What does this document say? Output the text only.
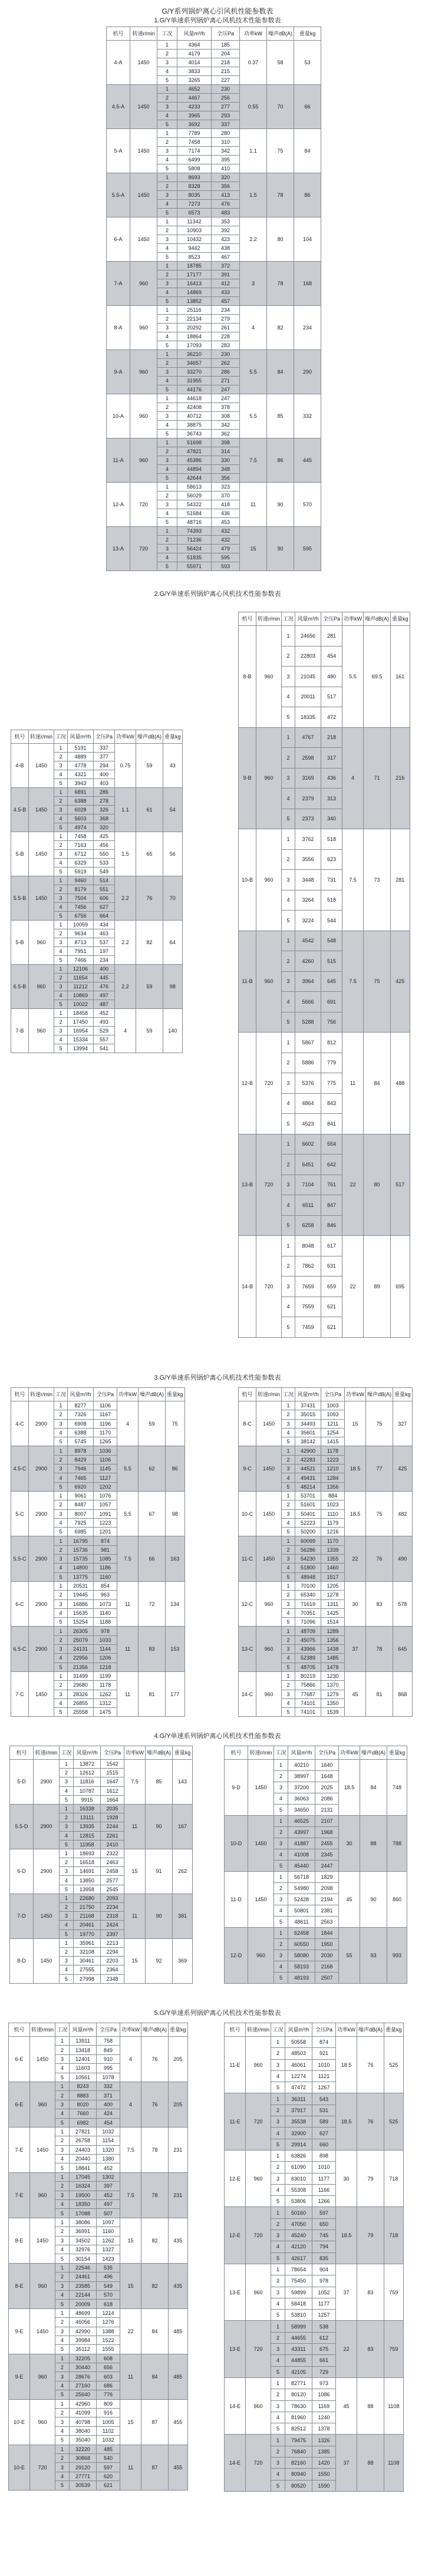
G/Y系列锅炉离心引风机性能参数表
1.G/Y单速系列锅炉离心风机技术性能参数表
机号	转速r/min	工况	风量m³/h	全压Pa	功率kW	噪声dB(A)	重量kg
4-A	1450	1	4364	185	0.37	58	53
		2	4179	204			
		3	4014	218			
		4	3833	215			
		5	3265	227			
4.5-A	1450	1	4652	230	0.55	70	66
		2	4467	256			
		3	4233	277			
		4	3965	293			
		5	3692	337			
5-A	1450	1	7789	280	1.1	75	84
		2	7458	310			
		3	7174	342			
		4	6499	395			
		5	5808	410			
5.5-A	1450	1	8693	320	1.5	78	86
		2	8328	356			
		3	8035	413			
		4	7273	476			
		5	6573	483			
6-A	1450	1	11342	353	2.2	80	104
		2	10903	392			
		3	10432	423			
		4	9442	438			
		5	8523	467			
7-A	960	1	18785	372	3	78	168
		2	17177	391			
		3	16413	412			
		4	14869	433			
		5	13852	457			
8-A	960	1	25116	234	4	82	234
		2	22134	279			
		3	20292	261			
		4	18864	228			
		5	17093	283			
9-A	960	1	36210	230	5.5	84	290
		2	34657	262			
		3	33270	286			
		4	31955	271			
		5	44176	247			
10-A	960	1	44618	247	5.5	85	332
		2	42408	378			
		3	40712	308			
		4	38875	342			
		5	36743	362			
11-A	960	1	51698	398	7.5	86	445
		2	47821	314			
		3	45386	330			
		4	44894	348			
		5	42644	356			
12-A	720	1	58613	323	11	90	570
		2	56029	370			
		3	54322	418			
		4	51684	436			
		5	48716	453			
13-A	720	1	74393	432	15	90	595
		2	71236	432			
		3	56424	479			
		4	51835	595			
		5	55971	593			
2.G/Y单速系列锅炉离心风机技术性能参数表
机号	转速r/min	工况	风量m³/h	全压Pa	功率kW	噪声dB(A)	重量kg
4-B	1450	1	5191	337	0.75	59	43
		2	4889	377			
		3	4778	294			
		4	4321	400			
		5	3943	403			
4.5-B	1450	1	6891	286	1.1	61	54
		2	6388	278			
		3	6028	326			
		4	5603	368			
		5	4974	320			
5-B	1450	1	7458	425	1.5	65	56
		2	7163	456			
		3	6712	550			
		4	6329	533			
		5	5919	549			
5.5-B	1450	1	9460	514	2.2	76	70
		2	8179	551			
		3	7504	606			
		4	7456	627			
		5	6756	664			
5-B	960	1	10059	434	2.2	82	64
		2	9634	463			
		3	8713	537			
		4	7951	197			
		5	7466	234			
6.5-B	960	1	12106	400	2.2	59	98
		2	11654	445			
		3	11212	476			
		4	10869	497			
		5	10022	487			
7-B	960	1	18458	452	4	59	140
		2	17450	493			
		3	16954	529			
		4	15334	557			
		5	13994	541			
机号	转速r/min	工况	风量m³/h	全压Pa	功率kW	噪声dB(A)	重量kg
8-B	960	1	24656	281	5.5	69.5	161
		2	22803	454			
		3	21045	480			
		4	20011	517			
		5	18335	472			
9-B	960	1	4767	218	4	71	216
		2	2598	317			
		3	3169	436			
		4	2379	313			
		5	2373	340			
10-B	960	1	3762	518	7.5	73	281
		2	3556	623			
		3	3448	731			
		4	3264	518			
		5	3224	544			
11-B	960	1	4542	548	7.5	75	425
		2	4260	515			
		3	3964	645			
		4	5666	691			
		5	5288	756			
12-B	720	1	5867	812	11	84	488
		2	5886	779			
		3	5376	775			
		4	4864	843			
		5	4523	841			
13-B	720	1	6602	554	22	80	517
		2	6451	642			
		3	7104	761			
		4	6511	847			
		5	6258	846			
14-B	720	1	8048	617	22	89	695
		2	7862	631			
		3	7659	659			
		4	7559	621			
		5	7459	621			
3.G/Y单速系列锅炉离心风机技术性能参数表
机号	转速r/min	工况	风量m³/h	全压Pa	功率kW	噪声dB(A)	重量kg
4-C	2900	1	8277	1106	4	59	75
		2	7326	1167			
		3	6908	1196			
		4	6388	1170			
		5	5745	1265			
4.5-C	2900	1	8978	1036	5.5	62	86
		2	8429	1106			
		3	7946	1145			
		4	7465	1127			
		5	6920	1202			
5-C	2900	1	9061	1076	5.5	67	98
		2	8487	1057			
		3	8007	1091			
		4	7925	1223			
		5	6985	1201			
5.5-C	2900	1	16795	874	7.5	66	163
		2	15736	981			
		3	15735	1085			
		4	14800	1186			
		5	13775	1160			
6-C	2900	1	20531	854	11	72	134
		2	19445	963			
		3	16886	1073			
		4	15635	1140			
		5	15254	1188			
6.5-C	2900	1	26305	978	11	83	153
		2	25079	1033			
		3	24131	1144			
		4	22956	1206			
		5	21356	1218			
7-C	1450	1	31499	1199	11	81	177
		2	29680	1178			
		3	28326	1262			
		4	26855	1312			
		5	25558	1475			
机号	转速r/min	工况	风量m³/h	全压Pa	功率kW	噪声dB(A)	重量kg
8-C	1450	1	37431	1003	15	75	327
		2	35015	1093			
		3	34493	1211			
		4	35601	1254			
		5	38142	1415			
9-C	1450	1	42900	1178	18.5	77	425
		2	42283	1223			
		3	44521	1210			
		4	49431	1284			
		5	48214	1356			
10-C	1450	1	53701	884	18.5	75	482
		2	51601	1023			
		3	50401	1110			
		4	52223	1179			
		5	50200	1216			
11-C	1450	1	60099	1170	22	76	490
		2	56286	1339			
		3	54230	1355			
		4	51800	1460			
		5	48948	1517			
12-C	960	1	70100	1205	30	83	578
		2	65340	1278			
		3	71619	1311			
		4	70351	1425			
		5	71096	1514			
13-C	960	1	48709	1289	37	78	645
		2	45075	1356			
		3	43966	1438			
		4	52389	1485			
		5	48705	1478			
14-C	960	1	80219	1230	45	81	868
		2	75866	1370			
		3	77687	1279			
		4	74101	1350			
		5	74101	1539			
4.G/Y单速系列锅炉离心风机技术性能参数表
机号	转速r/min	工况	风量m³/h	全压Pa	功率kW	噪声dB(A)	重量kg
5-D	2900	1	13872	1542	7.5	85	143
		2	12612	1515			
		3	11816	1647			
		4	10787	1612			
		5	9915	1664			
5.5-D	2900	1	16338	2035	11	90	167
		2	13111	1928			
		3	13935	2244			
		4	12815	2261			
		5	11958	2410			
6-D	2900	1	18693	2322	15	91	262
		2	16518	2463			
		3	14691	2458			
		4	13850	2577			
		5	13958	2545			
7-D	1450	1	22680	2093	11	90	381
		2	21750	2234			
		3	21168	2318			
		4	20461	2424			
		5	19770	2397			
8-D	1450	1	35961	2213	15	92	369
		2	32108	2294			
		3	30461	2203			
		4	27555	2364			
		5	27998	2348			
机号	转速r/min	工况	风量m³/h	全压Pa	功率kW	噪声dB(A)	重量kg
9-D	1450	1	40210	1640	18.5	84	748
		2	38997	1648			
		3	37200	2025			
		4	36063	2086			
		5	34650	2131			
10-D	1450	1	46525	2107	30	88	788
		2	43997	1968			
		3	41887	2455			
		4	41008	2345			
		5	45440	2447			
11-D	1450	1	56718	1829	45	90	860
		2	54980	2098			
		3	52428	2194			
		4	50801	2381			
		5	48611	2563			
12-D	960	1	62458	1844	55	93	993
		2	60550	1950			
		3	58080	2030			
		4	58193	2168			
		5	48193	2507			
5.G/Y单速系列锅炉离心风机技术性能参数表
机号	转速r/min	工况	风量m³/h	全压Pa	功率kW	噪声dB(A)	重量kg
6-E	1450	1	13911	758	4	76	205
		2	13418	849			
		3	12401	910			
		4	11603	995			
		5	10561	1078			
6-E	960	1	8243	332	4	76	205
		2	8883	371			
		3	8020	400			
		4	7660	424			
		5	6982	454			
7-E	1450	1	27821	1032	7.5	78	231
		2	26758	1154			
		3	24403	1320			
		4	20440	1380			
		5	18841	452			
7-E	960	1	17045	1302	7.5	78	231
		2	16324	397			
		3	19500	452			
		4	18350	497			
		5	17088	507			
8-E	1450	1	38086	1097	15	82	435
		2	36991	1160			
		3	34502	1262			
		4	32976	1327			
		5	30154	1423			
8-E	960	1	22546	535	15	82	435
		2	24461	496			
		3	23585	549			
		4	22144	570			
		5	20009	618			
9-E	1450	1	48699	1214	22	84	485
		2	46056	1276			
		3	42990	1388			
		4	39984	1522			
		5	35112	1555			
9-E	960	1	32205	608	11	84	485
		2	30440	656			
		3	28676	603			
		4	27160	686			
		5	25640	776			
10-E	960	1	42960	809	15	87	455
		2	41099	916			
		3	40798	1005			
		4	38040	1102			
		5	35040	1032			
10-E	720	1	32220	485	11	87	455
		2	30868	540			
		3	29120	597			
		4	27771	620			
		5	30539	621			
机号	转速r/min	工况	风量m³/h	全压Pa	功率kW	噪声dB(A)	重量kg
11-E	960	1	50558	874	18.5	76	525
		2	48503	921			
		3	46061	1010			
		4	12274	1121			
		5	47472	1267			
11-E	720	1	36311	543	18.5	76	525
		2	37917	531			
		3	35538	589			
		4	32900	627			
		5	29914	660			
12-E	960	1	63826	898	30	79	718
		2	61090	1010			
		3	63010	1177			
		4	55308	1166			
		5	53806	1266			
12-E	720	1	50160	597	18.5	79	718
		2	47050	650			
		3	45240	745			
		4	42120	794			
		5	42617	835			
13-E	960	1	78654	904	37	83	759
		2	75450	978			
		3	59899	1052			
		4	58418	1177			
		5	53810	1257			
13-E	720	1	58999	538	22	83	759
		2	44655	612			
		3	43311	675			
		4	44855	661			
		5	42105	729			
14-E	960	1	82771	973	45	88	1108
		2	80120	1086			
		3	78630	1169			
		4	81960	1240			
		5	82512	1378			
14-E	720	1	79475	1326	37	88	1108
		2	76840	1385			
		3	82160	1420			
		4	80940	1550			
		5	80520	1590			
